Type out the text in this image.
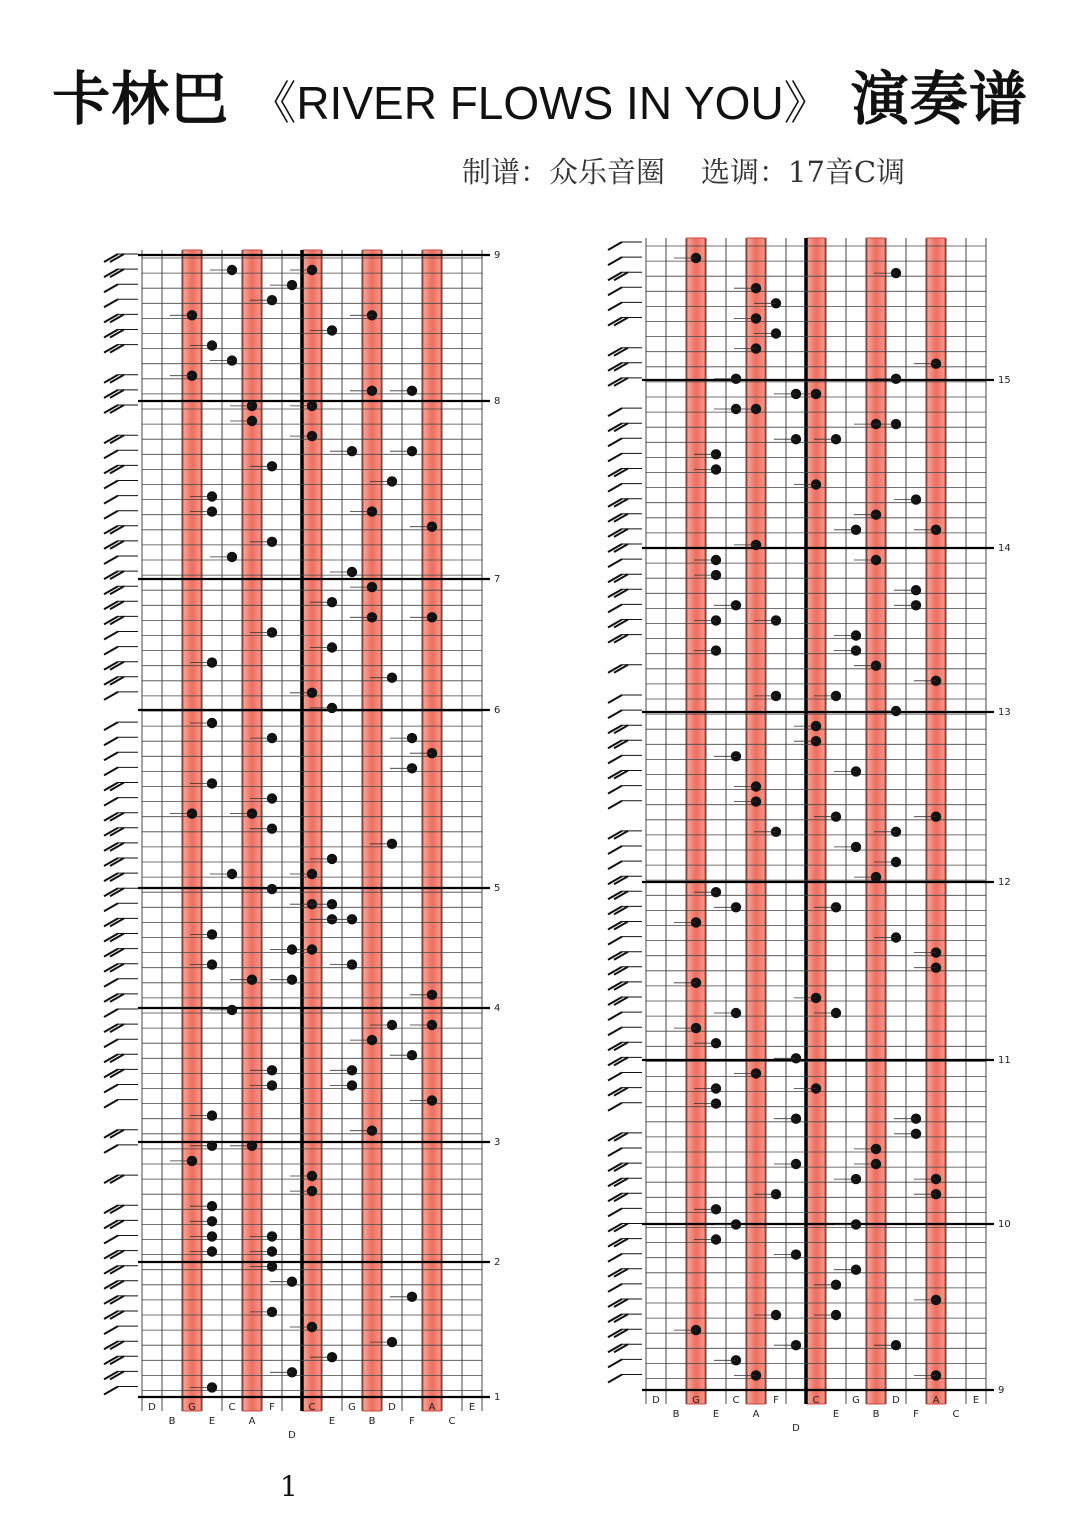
卡林巴 《RIVER FLOWS IN YOU》 演奏谱
制谱：众乐音圈 选调：17音C调
9
8
7
6
5
4
3
2
1
D
B
G
E
C
A
F
D
C
E
G
B
D
F
A
C
E
15
14
13
12
11
10
9
D
B
G
E
C
A
F
D
C
E
G
B
D
F
A
C
E
1
